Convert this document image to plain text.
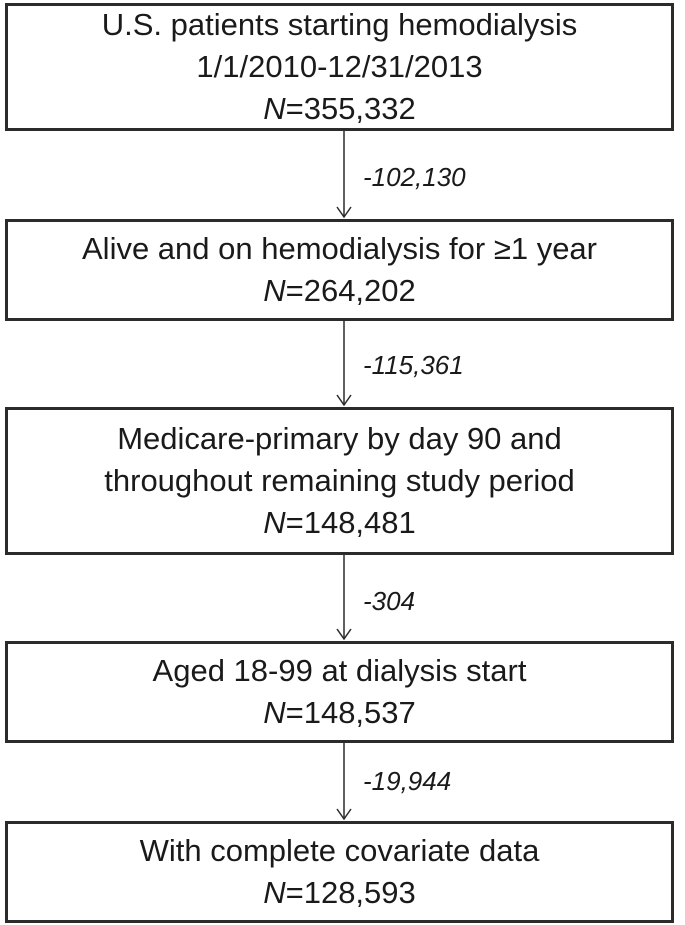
U.S. patients starting hemodialysis
1/1/2010-12/31/2013
N=355,332
Alive and on hemodialysis for ≥1 year
N=264,202
Medicare-primary by day 90 and
throughout remaining study period
N=148,481
Aged 18-99 at dialysis start
N=148,537
With complete covariate data
N=128,593
-102,130
-115,361
-304
-19,944
